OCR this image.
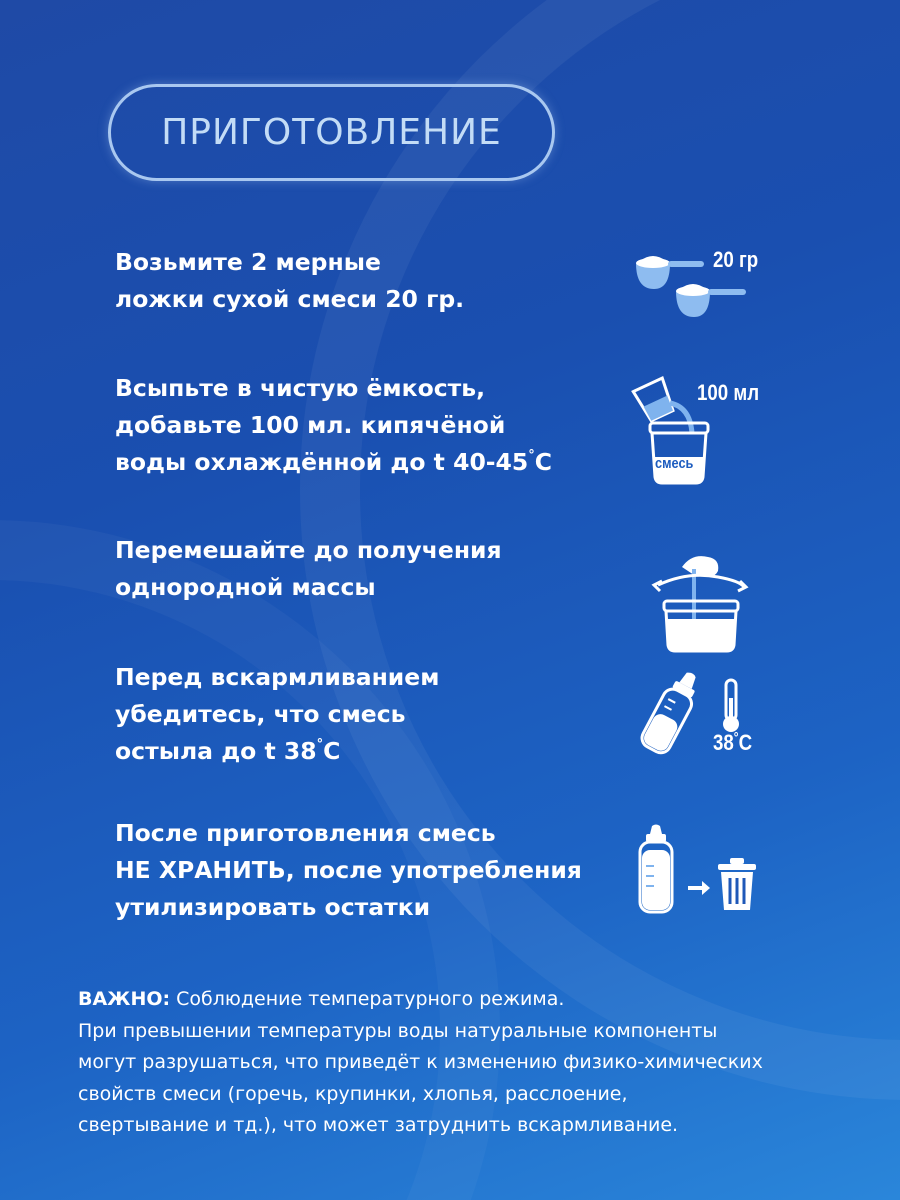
ПРИГОТОВЛЕНИЕ
Возьмите 2 мерные
ложки сухой смеси 20 гр.
20 гр
Всыпьте в чистую ёмкость,
добавьте 100 мл. кипячёной
воды охлаждённой до t 40-45°C
100 мл
смесь
Перемешайте до получения
однородной массы
Перед вскармливанием
убедитесь, что смесь
остыла до t 38°C	38°C
После приготовления смесь
НЕ ХРАНИТЬ, после употребления
утилизировать остатки
ВАЖНО: Соблюдение температурного режима.
При превышении температуры воды натуральные компоненты
могут разрушаться, что приведёт к изменению физико-химических
свойств смеси (горечь, крупинки, хлопья, расслоение,
свертывание и тд.), что может затруднить вскармливание.
